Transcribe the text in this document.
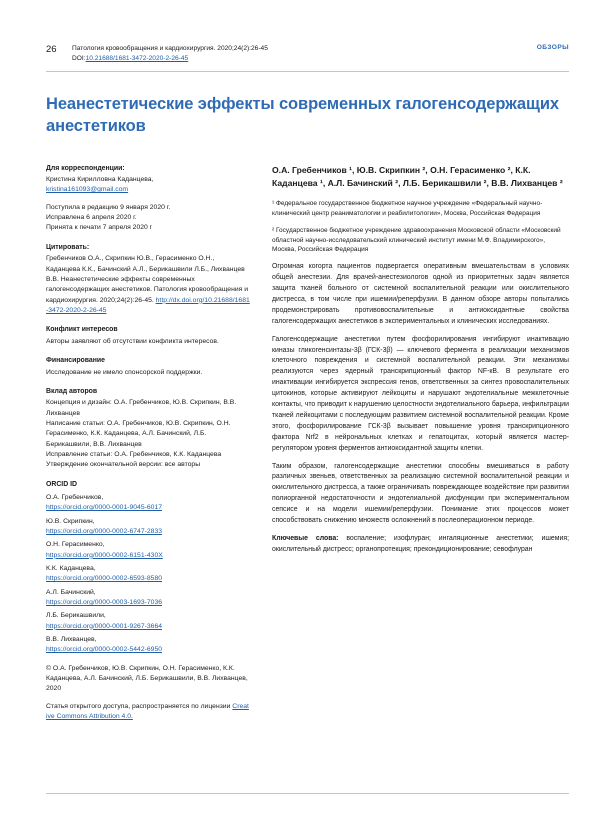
26	Патология кровообращения и кардиохирургия. 2020;24(2):26-45
DOI:10.21688/1681-3472-2020-2-26-45
ОБЗОРЫ
Неанестетические эффекты современных галогенсодержащих анестетиков
Для корреспонденции:
Кристина Кирилловна Каданцева,
kristina161093@gmail.com
Поступила в редакцию 9 января 2020 г.
Исправлена 6 апреля 2020 г.
Принята к печати 7 апреля 2020 г
Цитировать:
Гребенчиков О.А., Скрипкин Ю.В., Герасименко О.Н., Каданцева К.К., Бачинский А.Л., Берикашвили Л.Б., Лихванцев В.В. Неанестетические эффекты современных галогенсодержащих анестетиков. Патология кровообращения и кардиохирургия. 2020;24(2):26-45. http://dx.doi.org/10.21688/1681-3472-2020-2-26-45
Конфликт интересов
Авторы заявляют об отсутствии конфликта интересов.
Финансирование
Исследование не имело спонсорской поддержки.
Вклад авторов
Концепция и дизайн: О.А. Гребенчиков, Ю.В. Скрипкин, В.В. Лихванцев
Написание статьи: О.А. Гребенчиков, Ю.В. Скрипкин, О.Н. Герасименко, К.К. Каданцева, А.Л. Бачинский, Л.Б. Берикашвили, В.В. Лихванцев
Исправление статьи: О.А. Гребенчиков, К.К. Каданцева
Утверждение окончательной версии: все авторы
ORCID ID
О.А. Гребенчиков,
https://orcid.org/0000-0001-9045-6017
Ю.В. Скрипкин,
https://orcid.org/0000-0002-6747-2833
О.Н. Герасименко,
https://orcid.org/0000-0002-6151-430X
К.К. Каданцева,
https://orcid.org/0000-0002-6593-8580
А.Л. Бачинский,
https://orcid.org/0000-0003-1693-7036
Л.Б. Берикашвили,
https://orcid.org/0000-0001-9267-3664
В.В. Лихванцев,
https://orcid.org/0000-0002-5442-6950
© О.А. Гребенчиков, Ю.В. Скрипкин, О.Н. Герасименко, К.К. Каданцева, А.Л. Бачинский, Л.Б. Берикашвили, В.В. Лихванцев, 2020
Статья открытого доступа, распространяется по лицензии Creative Commons Attribution 4.0.
О.А. Гребенчиков ¹, Ю.В. Скрипкин ², О.Н. Герасименко ², К.К. Каданцева ¹, А.Л. Бачинский ², Л.Б. Берикашвили ², В.В. Лихванцев ²
¹ Федеральное государственное бюджетное научное учреждение «Федеральный научно-клинический центр реаниматологии и реабилитологии», Москва, Российская Федерация
² Государственное бюджетное учреждение здравоохранения Московской области «Московский областной научно-исследовательский клинический институт имени М.Ф. Владимирского», Москва, Российская Федерация

Огромная когорта пациентов подвергается оперативным вмешательствам в условиях общей анестезии. Для врачей-анестезиологов одной из приоритетных задач является защита тканей больного от системной воспалительной реакции или окислительного дистресса, в том числе при ишемии/реперфузии. В данном обзоре авторы попытались продемонстрировать противовоспалительные и антиоксидантные свойства галогенсодержащих анестетиков в экспериментальных и клинических исследованиях.

Галогенсодержащие анестетики путем фосфорилирования ингибируют инактивацию киназы гликогенсинтазы-3β (ГСК-3β) — ключевого фермента в реализации механизмов клеточного повреждения и системной воспалительной реакции. Эти механизмы реализуются через ядерный транскрипционный фактор NF-кB. В результате его инактивации ингибируется экспрессия генов, ответственных за синтез провоспалительных цитокинов, которые активируют лейкоциты и нарушают эндотелиальные межклеточные контакты, что приводит к нарушению целостности эндотелиального барьера, инфильтрации тканей лейкоцитами с последующим развитием системной воспалительной реакции. Кроме этого, фосфорилирование ГСК-3β вызывает повышение уровня транскрипционного фактора Nrf2 в нейрональных клетках и гепатоцитах, который является мастер-регулятором уровня ферментов антиоксидантной защиты клетки.

Таким образом, галогенсодержащие анестетики способны вмешиваться в работу различных звеньев, ответственных за реализацию системной воспалительной реакции и окислительного дистресса, а также ограничивать повреждающее воздействие при развитии полиорганной недостаточности и эндотелиальной дисфункции при экспериментальном сепсисе и на модели ишемии/реперфузии. Понимание этих процессов может способствовать снижению множеств осложнений в послеоперационном периоде.

Ключевые слова: воспаление; изофлуран; ингаляционные анестетики; ишемия; окислительный дистресс; органопротекция; прекондиционирование; севофлуран
